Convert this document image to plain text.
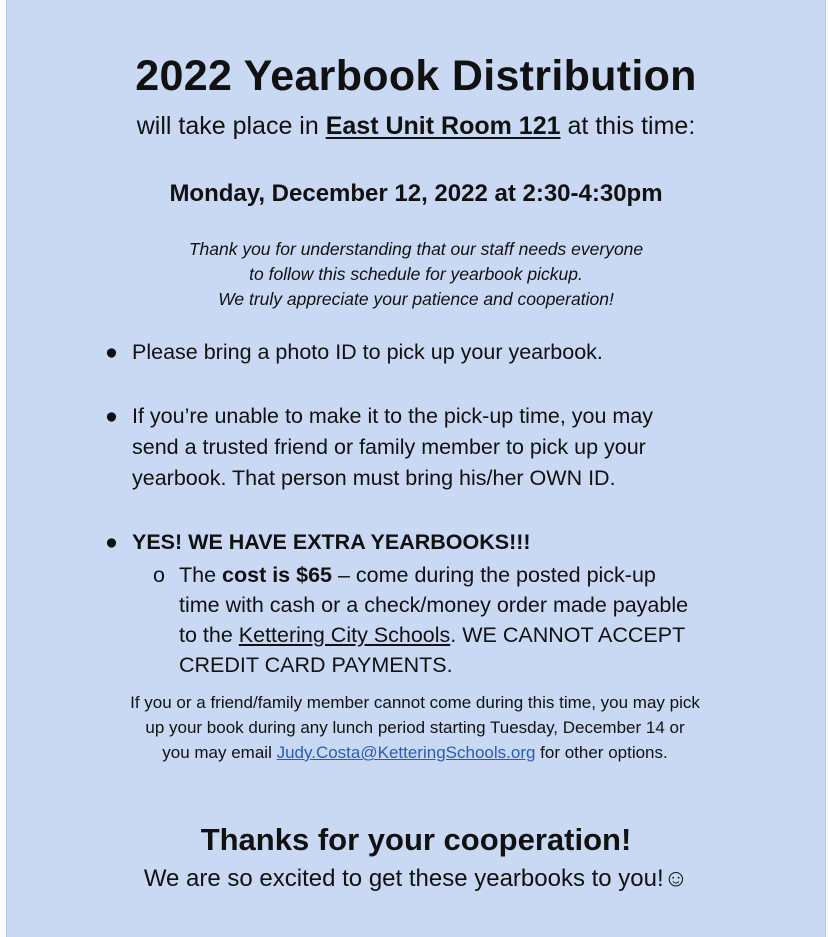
2022 Yearbook Distribution
will take place in East Unit Room 121 at this time:
Monday, December 12, 2022 at 2:30-4:30pm
Thank you for understanding that our staff needs everyone
to follow this schedule for yearbook pickup.
We truly appreciate your patience and cooperation!
● Please bring a photo ID to pick up your yearbook.
● If you’re unable to make it to the pick-up time, you may
send a trusted friend or family member to pick up your
yearbook. That person must bring his/her OWN ID.
● YES! WE HAVE EXTRA YEARBOOKS!!!
o The cost is $65 – come during the posted pick-up
time with cash or a check/money order made payable
to the Kettering City Schools. WE CANNOT ACCEPT
CREDIT CARD PAYMENTS.
If you or a friend/family member cannot come during this time, you may pick
up your book during any lunch period starting Tuesday, December 14 or
you may email Judy.Costa@KetteringSchools.org for other options.
Thanks for your cooperation!
We are so excited to get these yearbooks to you!☺
